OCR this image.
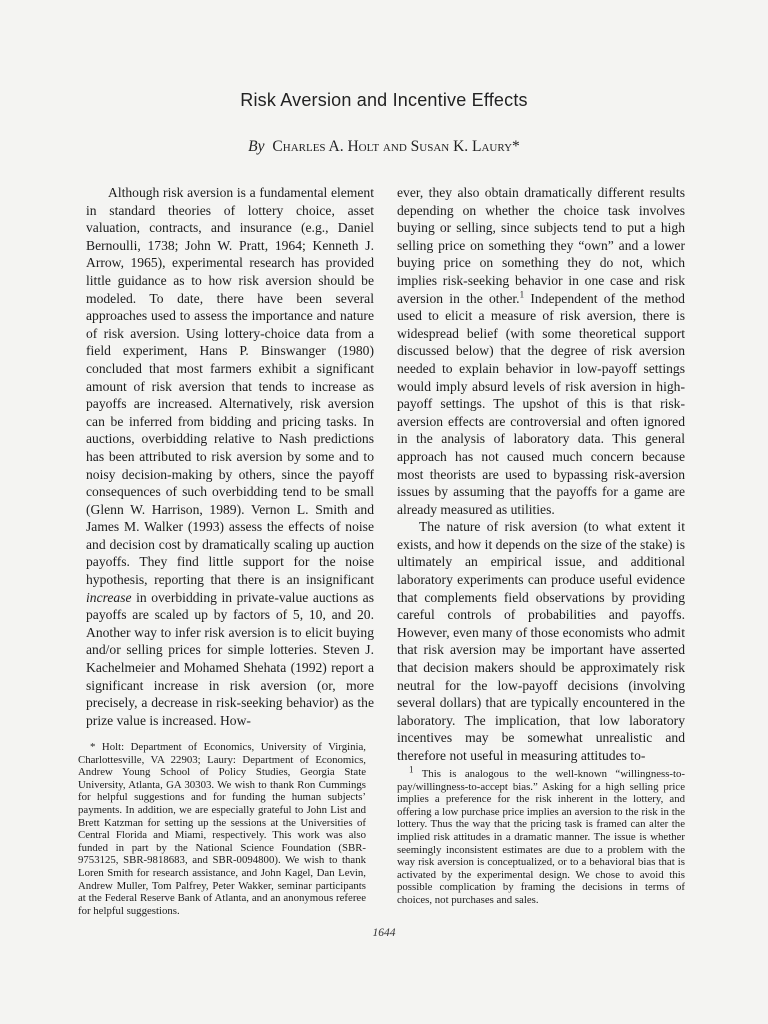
Risk Aversion and Incentive Effects
By Charles A. Holt and Susan K. Laury*

Although risk aversion is a fundamental element in standard theories of lottery choice, asset valuation, contracts, and insurance (e.g., Daniel Bernoulli, 1738; John W. Pratt, 1964; Kenneth J. Arrow, 1965), experimental research has provided little guidance as to how risk aversion should be modeled. To date, there have been several approaches used to assess the importance and nature of risk aversion. Using lottery-choice data from a field experiment, Hans P. Binswanger (1980) concluded that most farmers exhibit a significant amount of risk aversion that tends to increase as payoffs are increased. Alternatively, risk aversion can be inferred from bidding and pricing tasks. In auctions, overbidding relative to Nash predictions has been attributed to risk aversion by some and to noisy decision-making by others, since the payoff consequences of such overbidding tend to be small (Glenn W. Harrison, 1989). Vernon L. Smith and James M. Walker (1993) assess the effects of noise and decision cost by dramatically scaling up auction payoffs. They find little support for the noise hypothesis, reporting that there is an insignificant increase in overbidding in private-value auctions as payoffs are scaled up by factors of 5, 10, and 20. Another way to infer risk aversion is to elicit buying and/or selling prices for simple lotteries. Steven J. Kachelmeier and Mohamed Shehata (1992) report a significant increase in risk aversion (or, more precisely, a decrease in risk-seeking behavior) as the prize value is increased. How-

ever, they also obtain dramatically different results depending on whether the choice task involves buying or selling, since subjects tend to put a high selling price on something they “own” and a lower buying price on something they do not, which implies risk-seeking behavior in one case and risk aversion in the other.$^1$ Independent of the method used to elicit a measure of risk aversion, there is widespread belief (with some theoretical support discussed below) that the degree of risk aversion needed to explain behavior in low-payoff settings would imply absurd levels of risk aversion in high-payoff settings. The upshot of this is that risk-aversion effects are controversial and often ignored in the analysis of laboratory data. This general approach has not caused much concern because most theorists are used to bypassing risk-aversion issues by assuming that the payoffs for a game are already measured as utilities.

The nature of risk aversion (to what extent it exists, and how it depends on the size of the stake) is ultimately an empirical issue, and additional laboratory experiments can produce useful evidence that complements field observations by providing careful controls of probabilities and payoffs. However, even many of those economists who admit that risk aversion may be important have asserted that decision makers should be approximately risk neutral for the low-payoff decisions (involving several dollars) that are typically encountered in the laboratory. The implication, that low laboratory incentives may be somewhat unrealistic and therefore not useful in measuring attitudes to-

* Holt: Department of Economics, University of Virginia, Charlottesville, VA 22903; Laury: Department of Economics, Andrew Young School of Policy Studies, Georgia State University, Atlanta, GA 30303. We wish to thank Ron Cummings for helpful suggestions and for funding the human subjects’ payments. In addition, we are especially grateful to John List and Brett Katzman for setting up the sessions at the Universities of Central Florida and Miami, respectively. This work was also funded in part by the National Science Foundation (SBR-9753125, SBR-9818683, and SBR-0094800). We wish to thank Loren Smith for research assistance, and John Kagel, Dan Levin, Andrew Muller, Tom Palfrey, Peter Wakker, seminar participants at the Federal Reserve Bank of Atlanta, and an anonymous referee for helpful suggestions.

$^1$ This is analogous to the well-known “willingness-to-pay/willingness-to-accept bias.” Asking for a high selling price implies a preference for the risk inherent in the lottery, and offering a low purchase price implies an aversion to the risk in the lottery. Thus the way that the pricing task is framed can alter the implied risk attitudes in a dramatic manner. The issue is whether seemingly inconsistent estimates are due to a problem with the way risk aversion is conceptualized, or to a behavioral bias that is activated by the experimental design. We chose to avoid this possible complication by framing the decisions in terms of choices, not purchases and sales.

1644
